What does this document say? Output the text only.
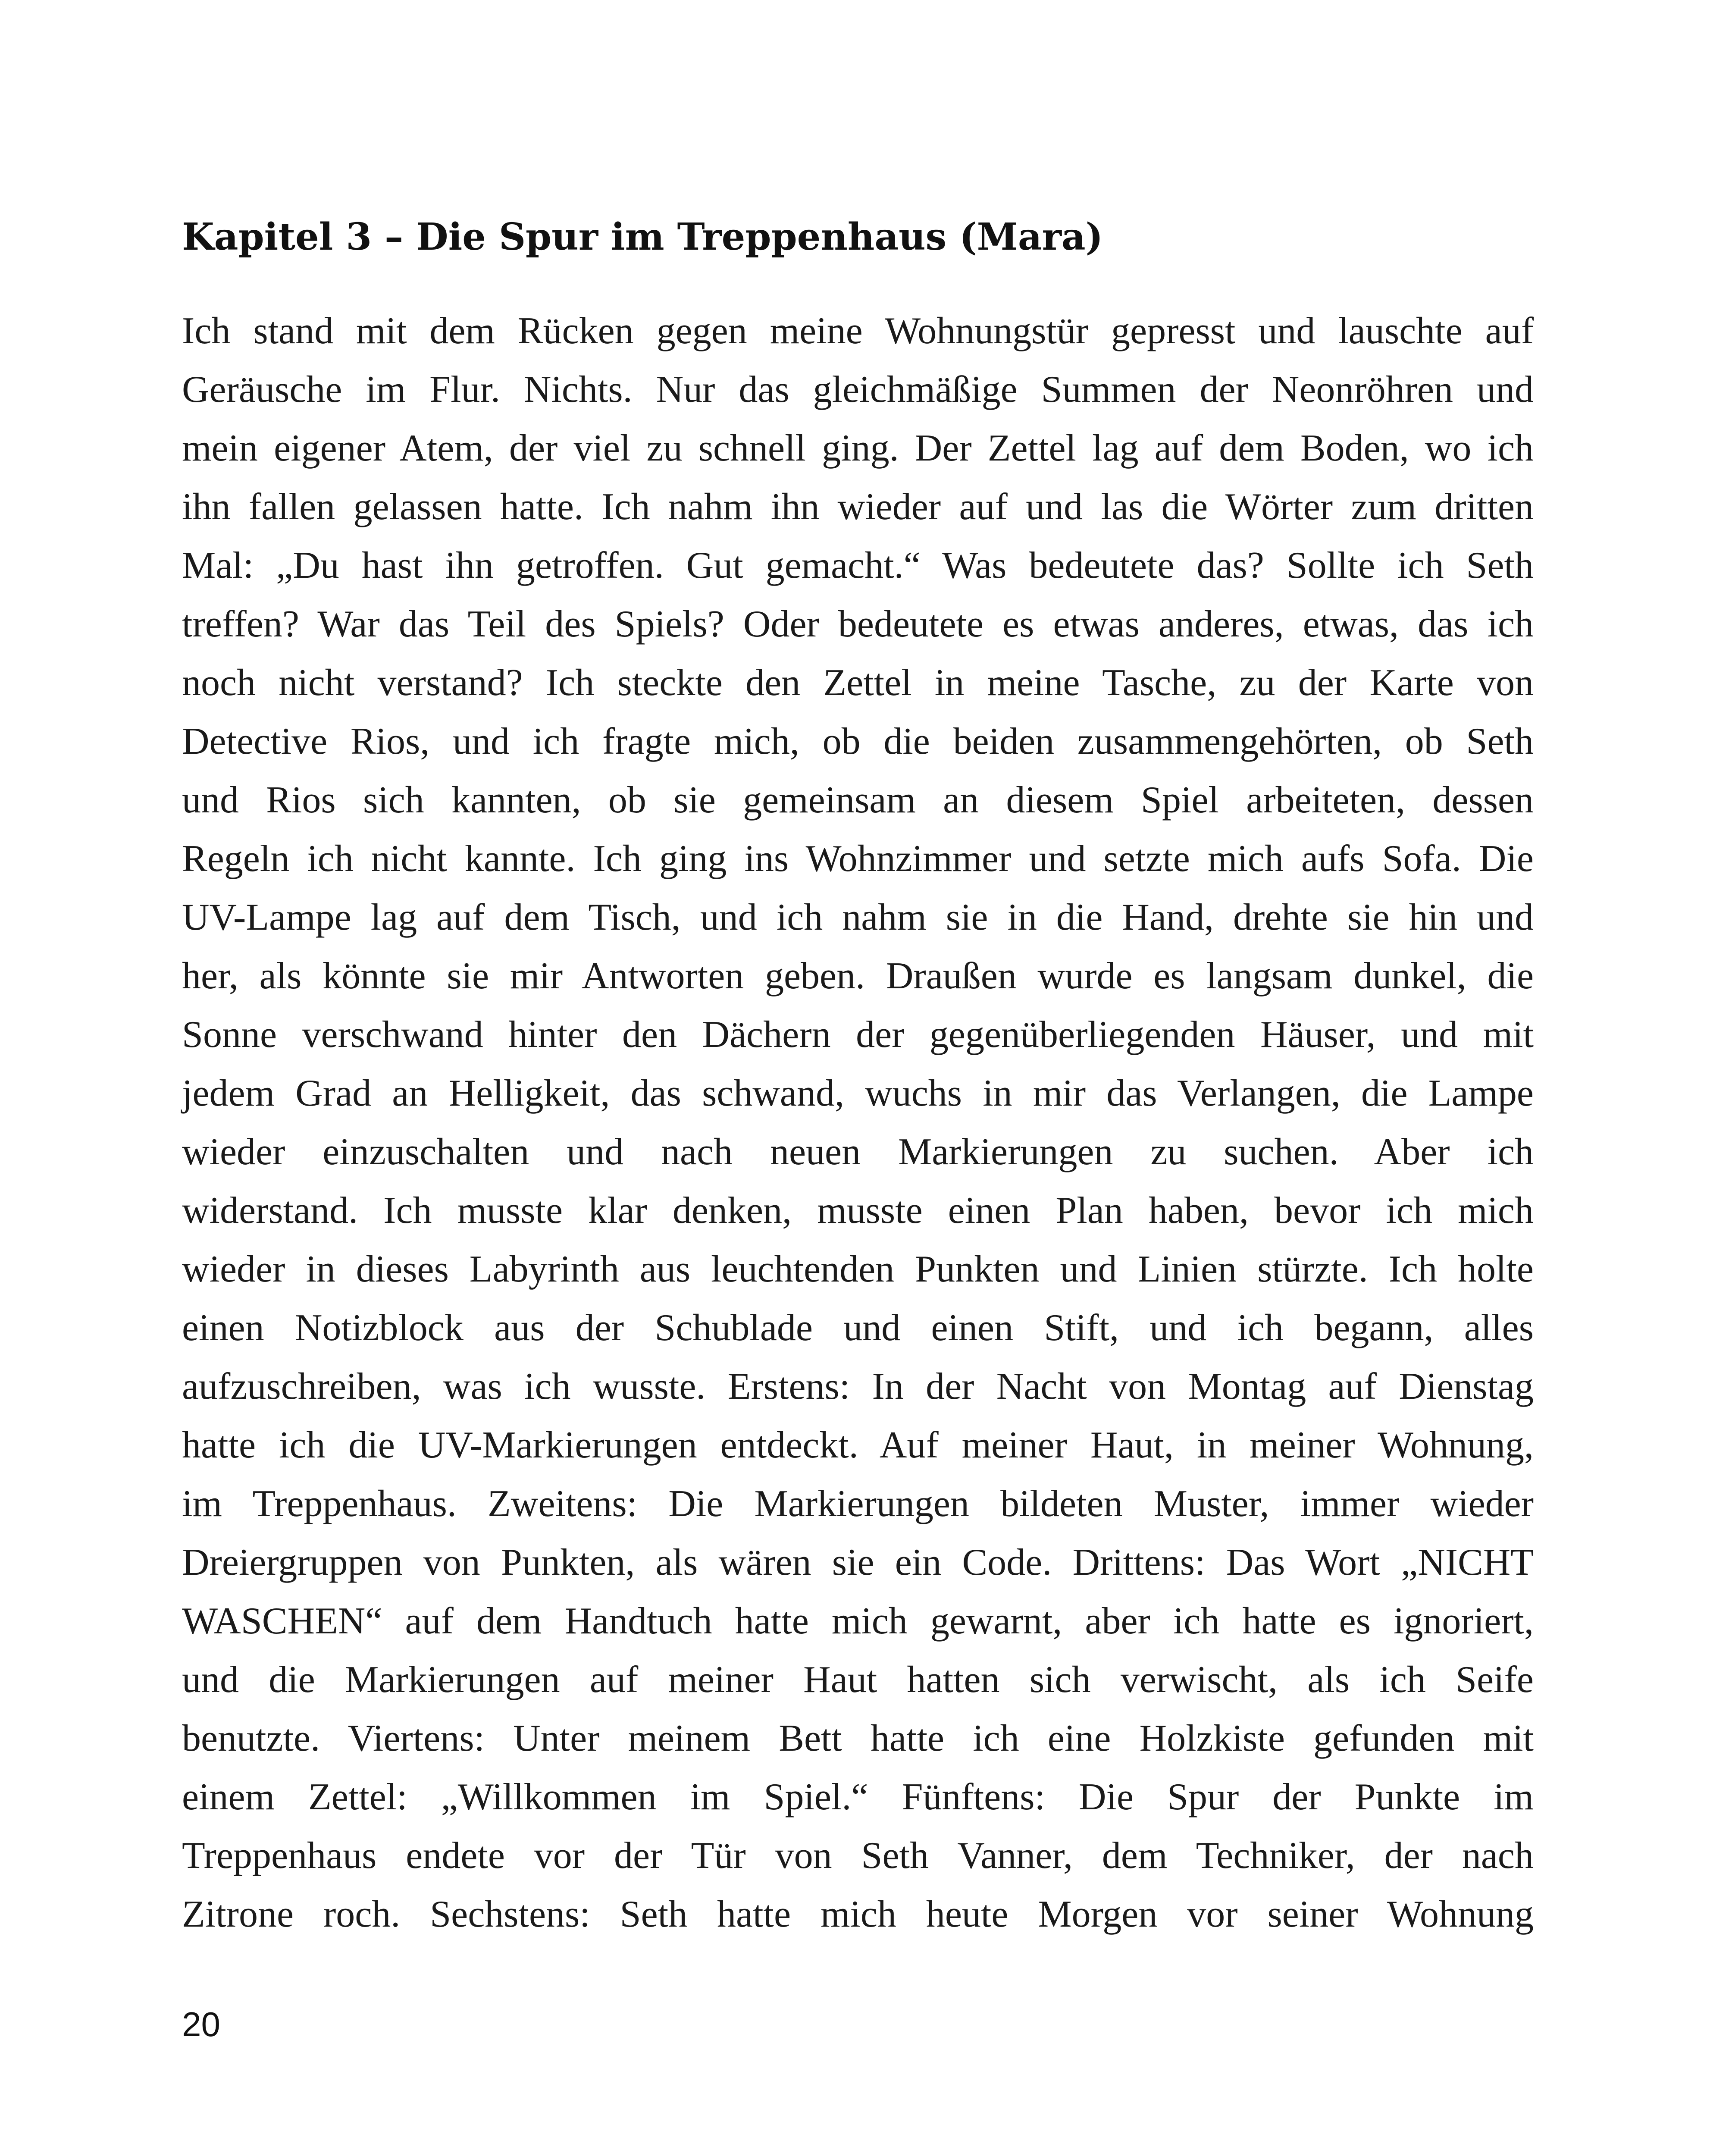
Kapitel 3 – Die Spur im Treppenhaus (Mara)
Ich stand mit dem Rücken gegen meine Wohnungstür gepresst und lauschte auf
Geräusche im Flur. Nichts. Nur das gleichmäßige Summen der Neonröhren und
mein eigener Atem, der viel zu schnell ging. Der Zettel lag auf dem Boden, wo ich
ihn fallen gelassen hatte. Ich nahm ihn wieder auf und las die Wörter zum dritten
Mal: „Du hast ihn getroffen. Gut gemacht.“ Was bedeutete das? Sollte ich Seth
treffen? War das Teil des Spiels? Oder bedeutete es etwas anderes, etwas, das ich
noch nicht verstand? Ich steckte den Zettel in meine Tasche, zu der Karte von
Detective Rios, und ich fragte mich, ob die beiden zusammengehörten, ob Seth
und Rios sich kannten, ob sie gemeinsam an diesem Spiel arbeiteten, dessen
Regeln ich nicht kannte. Ich ging ins Wohnzimmer und setzte mich aufs Sofa. Die
UV-Lampe lag auf dem Tisch, und ich nahm sie in die Hand, drehte sie hin und
her, als könnte sie mir Antworten geben. Draußen wurde es langsam dunkel, die
Sonne verschwand hinter den Dächern der gegenüberliegenden Häuser, und mit
jedem Grad an Helligkeit, das schwand, wuchs in mir das Verlangen, die Lampe
wieder einzuschalten und nach neuen Markierungen zu suchen. Aber ich
widerstand. Ich musste klar denken, musste einen Plan haben, bevor ich mich
wieder in dieses Labyrinth aus leuchtenden Punkten und Linien stürzte. Ich holte
einen Notizblock aus der Schublade und einen Stift, und ich begann, alles
aufzuschreiben, was ich wusste. Erstens: In der Nacht von Montag auf Dienstag
hatte ich die UV-Markierungen entdeckt. Auf meiner Haut, in meiner Wohnung,
im Treppenhaus. Zweitens: Die Markierungen bildeten Muster, immer wieder
Dreiergruppen von Punkten, als wären sie ein Code. Drittens: Das Wort „NICHT
WASCHEN“ auf dem Handtuch hatte mich gewarnt, aber ich hatte es ignoriert,
und die Markierungen auf meiner Haut hatten sich verwischt, als ich Seife
benutzte. Viertens: Unter meinem Bett hatte ich eine Holzkiste gefunden mit
einem Zettel: „Willkommen im Spiel.“ Fünftens: Die Spur der Punkte im
Treppenhaus endete vor der Tür von Seth Vanner, dem Techniker, der nach
Zitrone roch. Sechstens: Seth hatte mich heute Morgen vor seiner Wohnung
20
